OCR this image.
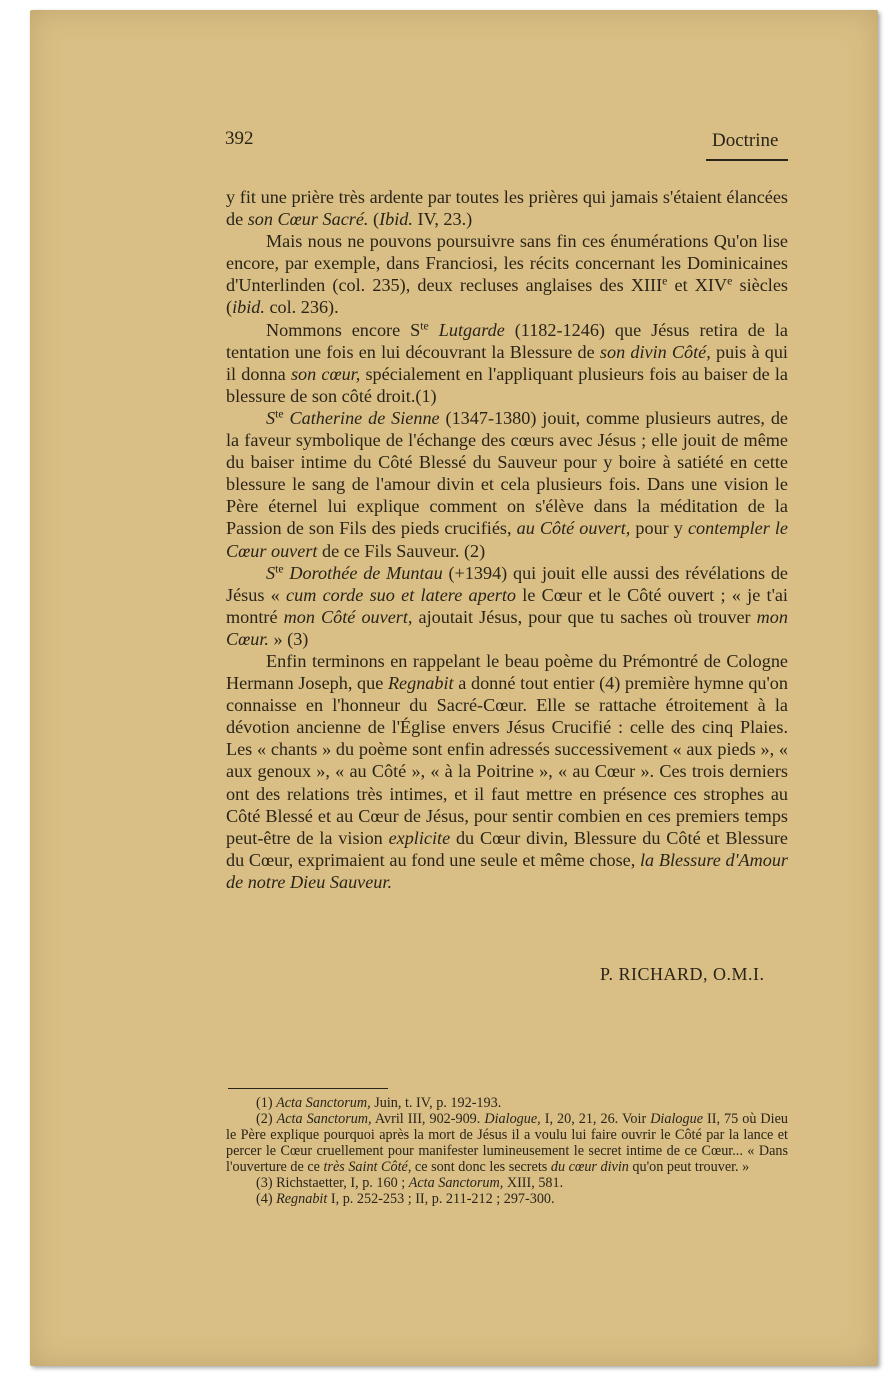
392	Doctrine

y fit une prière très ardente par toutes les prières qui jamais s'étaient élancées de son Cœur Sacré. (Ibid. IV, 23.)

Mais nous ne pouvons poursuivre sans fin ces énumérations Qu'on lise encore, par exemple, dans Franciosi, les récits concernant les Dominicaines d'Unterlinden (col. 235), deux recluses anglaises des XIIIe et XIVe siècles (ibid. col. 236).

Nommons encore $S^{te}$ Lutgarde (1182-1246) que Jésus retira de la tentation une fois en lui découvrant la Blessure de son divin Côté, puis à qui il donna son cœur, spécialement en l'appliquant plusieurs fois au baiser de la blessure de son côté droit.(1)

$S^{te}$ Catherine de Sienne (1347-1380) jouit, comme plusieurs autres, de la faveur symbolique de l'échange des cœurs avec Jésus ; elle jouit de même du baiser intime du Côté Blessé du Sauveur pour y boire à satiété en cette blessure le sang de l'amour divin et cela plusieurs fois. Dans une vision le Père éternel lui explique comment on s'élève dans la méditation de la Passion de son Fils des pieds crucifiés, au Côté ouvert, pour y contempler le Cœur ouvert de ce Fils Sauveur. (2)

$S^{te}$ Dorothée de Muntau (+1394) qui jouit elle aussi des révélations de Jésus « cum corde suo et latere aperto le Cœur et le Côté ouvert ; « je t'ai montré mon Côté ouvert, ajoutait Jésus, pour que tu saches où trouver mon Cœur. » (3)

Enfin terminons en rappelant le beau poème du Prémontré de Cologne Hermann Joseph, que Regnabit a donné tout entier (4) première hymne qu'on connaisse en l'honneur du Sacré-Cœur. Elle se rattache étroitement à la dévotion ancienne de l'Église envers Jésus Crucifié : celle des cinq Plaies. Les « chants » du poème sont enfin adressés successivement « aux pieds », « aux genoux », « au Côté », « à la Poitrine », « au Cœur ». Ces trois derniers ont des relations très intimes, et il faut mettre en présence ces strophes au Côté Blessé et au Cœur de Jésus, pour sentir combien en ces premiers temps peut-être de la vision explicite du Cœur divin, Blessure du Côté et Blessure du Cœur, exprimaient au fond une seule et même chose, la Blessure d'Amour de notre Dieu Sauveur.

P. RICHARD, O.M.I.

(1) Acta Sanctorum, Juin, t. IV, p. 192-193.

(2) Acta Sanctorum, Avril III, 902-909. Dialogue, I, 20, 21, 26. Voir Dialogue II, 75 où Dieu le Père explique pourquoi après la mort de Jésus il a voulu lui faire ouvrir le Côté par la lance et percer le Cœur cruellement pour manifester lumineusement le secret intime de ce Cœur... « Dans l'ouverture de ce très Saint Côté, ce sont donc les secrets du cœur divin qu'on peut trouver. »

(3) Richstaetter, I, p. 160 ; Acta Sanctorum, XIII, 581.

(4) Regnabit I, p. 252-253 ; II, p. 211-212 ; 297-300.
